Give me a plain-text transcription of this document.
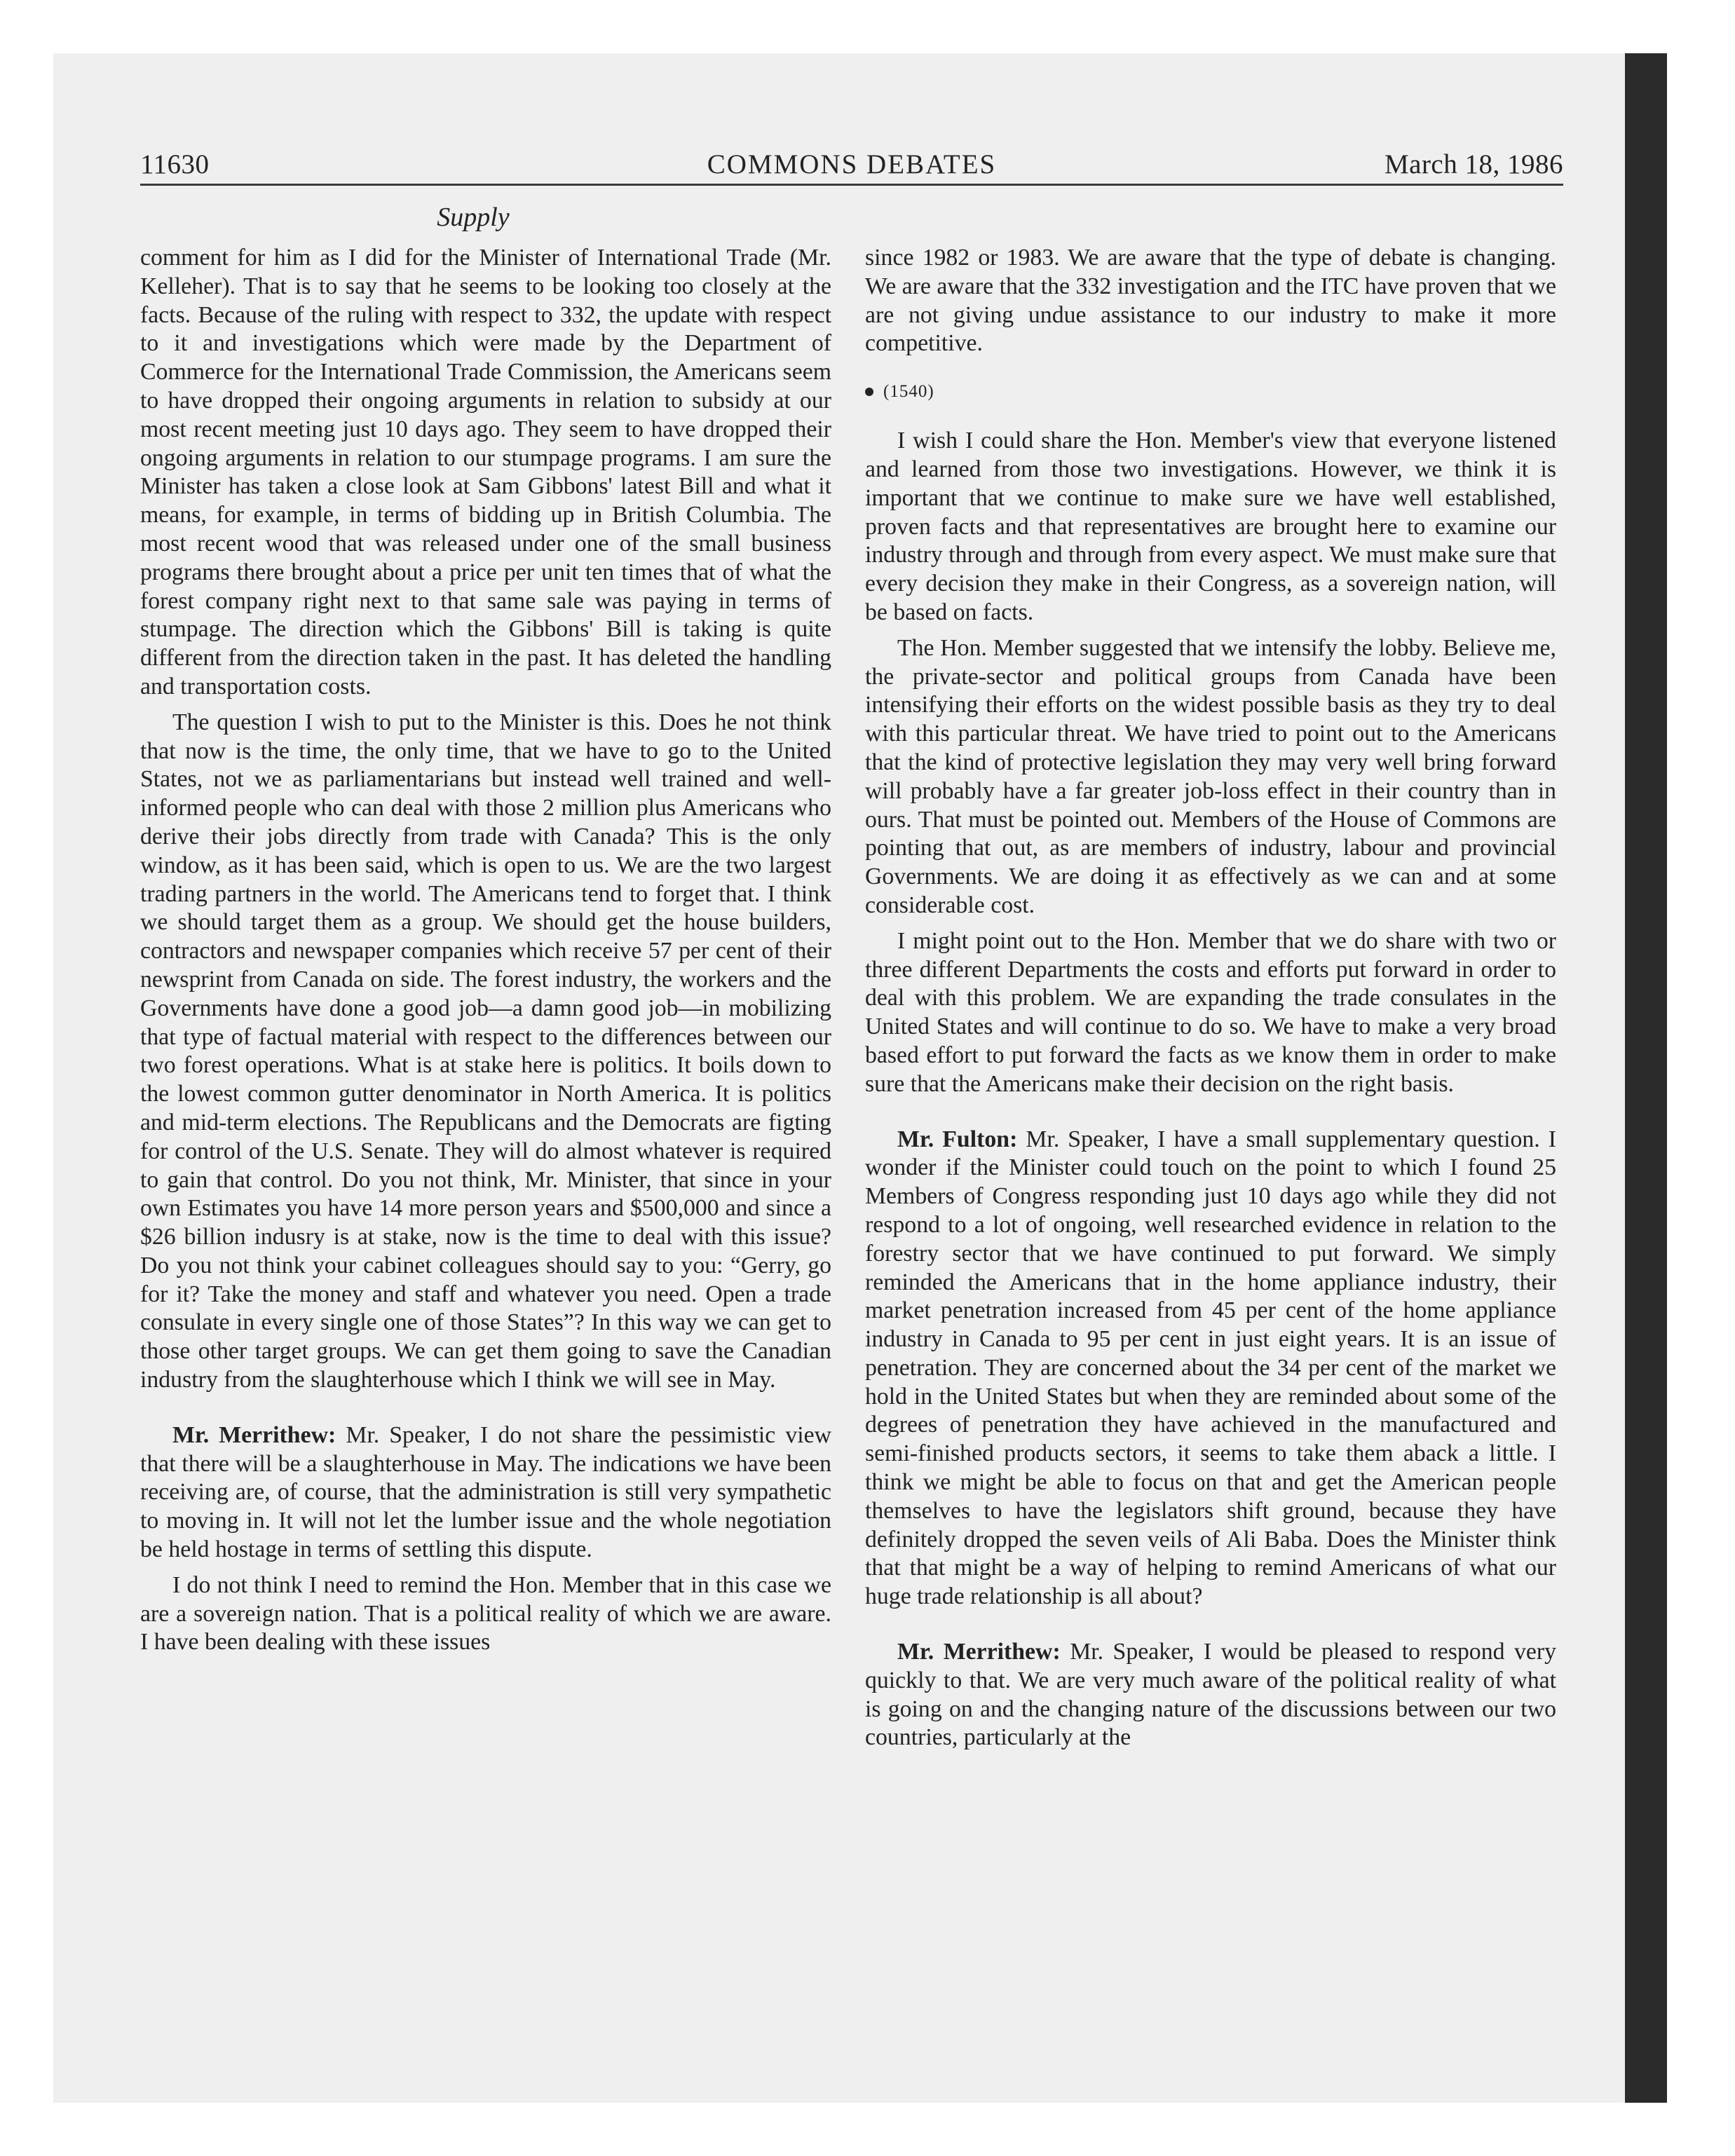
11630	COMMONS DEBATES	March 18, 1986
Supply

comment for him as I did for the Minister of International Trade (Mr. Kelleher). That is to say that he seems to be looking too closely at the facts. Because of the ruling with respect to 332, the update with respect to it and investigations which were made by the Department of Commerce for the International Trade Commission, the Americans seem to have dropped their ongoing arguments in relation to subsidy at our most recent meeting just 10 days ago. They seem to have dropped their ongoing arguments in relation to our stumpage programs. I am sure the Minister has taken a close look at Sam Gibbons' latest Bill and what it means, for example, in terms of bidding up in British Columbia. The most recent wood that was released under one of the small business programs there brought about a price per unit ten times that of what the forest company right next to that same sale was paying in terms of stumpage. The direction which the Gibbons' Bill is taking is quite different from the direction taken in the past. It has deleted the handling and transportation costs.

The question I wish to put to the Minister is this. Does he not think that now is the time, the only time, that we have to go to the United States, not we as parliamentarians but instead well trained and well-informed people who can deal with those 2 million plus Americans who derive their jobs directly from trade with Canada? This is the only window, as it has been said, which is open to us. We are the two largest trading partners in the world. The Americans tend to forget that. I think we should target them as a group. We should get the house builders, contractors and newspaper companies which receive 57 per cent of their newsprint from Canada on side. The forest industry, the workers and the Governments have done a good job—a damn good job—in mobilizing that type of factual material with respect to the differences between our two forest operations. What is at stake here is politics. It boils down to the lowest common gutter denominator in North America. It is politics and mid-term elections. The Republicans and the Democrats are figting for control of the U.S. Senate. They will do almost whatever is required to gain that control. Do you not think, Mr. Minister, that since in your own Estimates you have 14 more person years and $500,000 and since a $26 billion indusry is at stake, now is the time to deal with this issue? Do you not think your cabinet colleagues should say to you: “Gerry, go for it? Take the money and staff and whatever you need. Open a trade consulate in every single one of those States”? In this way we can get to those other target groups. We can get them going to save the Canadian industry from the slaughterhouse which I think we will see in May.

Mr. Merrithew: Mr. Speaker, I do not share the pessimistic view that there will be a slaughterhouse in May. The indications we have been receiving are, of course, that the administration is still very sympathetic to moving in. It will not let the lumber issue and the whole negotiation be held hostage in terms of settling this dispute.

I do not think I need to remind the Hon. Member that in this case we are a sovereign nation. That is a political reality of which we are aware. I have been dealing with these issues

since 1982 or 1983. We are aware that the type of debate is changing. We are aware that the 332 investigation and the ITC have proven that we are not giving undue assistance to our industry to make it more competitive.

(1540)

I wish I could share the Hon. Member's view that everyone listened and learned from those two investigations. However, we think it is important that we continue to make sure we have well established, proven facts and that representatives are brought here to examine our industry through and through from every aspect. We must make sure that every decision they make in their Congress, as a sovereign nation, will be based on facts.

The Hon. Member suggested that we intensify the lobby. Believe me, the private-sector and political groups from Canada have been intensifying their efforts on the widest possible basis as they try to deal with this particular threat. We have tried to point out to the Americans that the kind of protective legislation they may very well bring forward will probably have a far greater job-loss effect in their country than in ours. That must be pointed out. Members of the House of Commons are pointing that out, as are members of industry, labour and provincial Governments. We are doing it as effectively as we can and at some considerable cost.

I might point out to the Hon. Member that we do share with two or three different Departments the costs and efforts put forward in order to deal with this problem. We are expanding the trade consulates in the United States and will continue to do so. We have to make a very broad based effort to put forward the facts as we know them in order to make sure that the Americans make their decision on the right basis.

Mr. Fulton: Mr. Speaker, I have a small supplementary question. I wonder if the Minister could touch on the point to which I found 25 Members of Congress responding just 10 days ago while they did not respond to a lot of ongoing, well researched evidence in relation to the forestry sector that we have continued to put forward. We simply reminded the Americans that in the home appliance industry, their market penetration increased from 45 per cent of the home appliance industry in Canada to 95 per cent in just eight years. It is an issue of penetration. They are concerned about the 34 per cent of the market we hold in the United States but when they are reminded about some of the degrees of penetration they have achieved in the manufactured and semi-finished products sectors, it seems to take them aback a little. I think we might be able to focus on that and get the American people themselves to have the legislators shift ground, because they have definitely dropped the seven veils of Ali Baba. Does the Minister think that that might be a way of helping to remind Americans of what our huge trade relationship is all about?

Mr. Merrithew: Mr. Speaker, I would be pleased to respond very quickly to that. We are very much aware of the political reality of what is going on and the changing nature of the discussions between our two countries, particularly at the
